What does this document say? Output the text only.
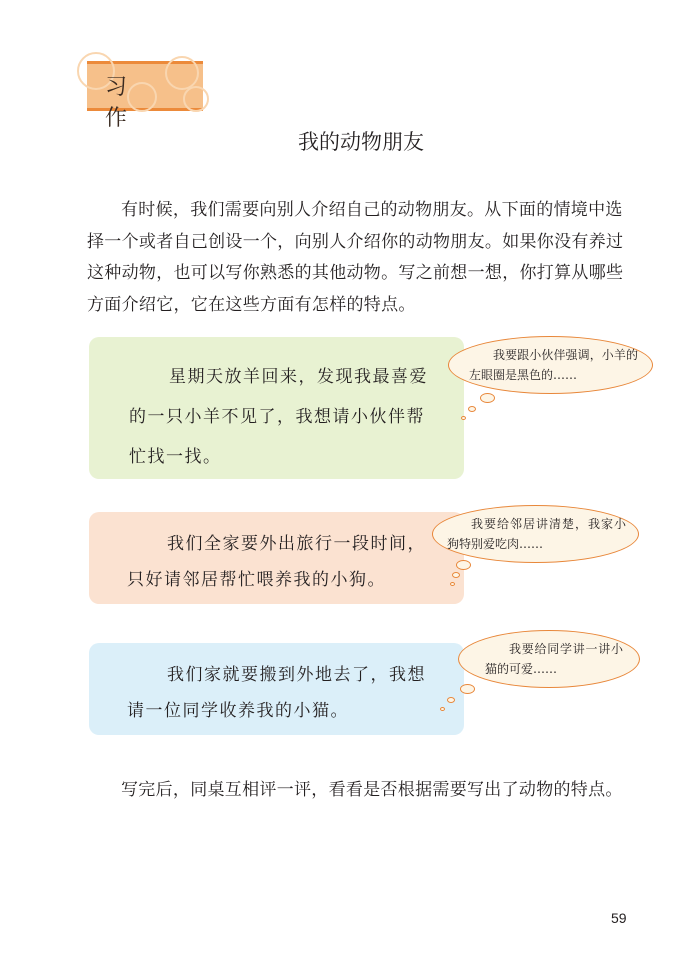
习 作
我的动物朋友

有时候，我们需要向别人介绍自己的动物朋友。从下面的情境中选择一个或者自己创设一个，向别人介绍你的动物朋友。如果你没有养过这种动物，也可以写你熟悉的其他动物。写之前想一想，你打算从哪些方面介绍它，它在这些方面有怎样的特点。

星期天放羊回来，发现我最喜爱的一只小羊不见了，我想请小伙伴帮忙找一找。

我要跟小伙伴强调，小羊的左眼圈是黑色的……

我们全家要外出旅行一段时间，只好请邻居帮忙喂养我的小狗。

我要给邻居讲清楚，我家小狗特别爱吃肉……

我们家就要搬到外地去了，我想请一位同学收养我的小猫。

我要给同学讲一讲小猫的可爱……

写完后，同桌互相评一评，看看是否根据需要写出了动物的特点。

59
